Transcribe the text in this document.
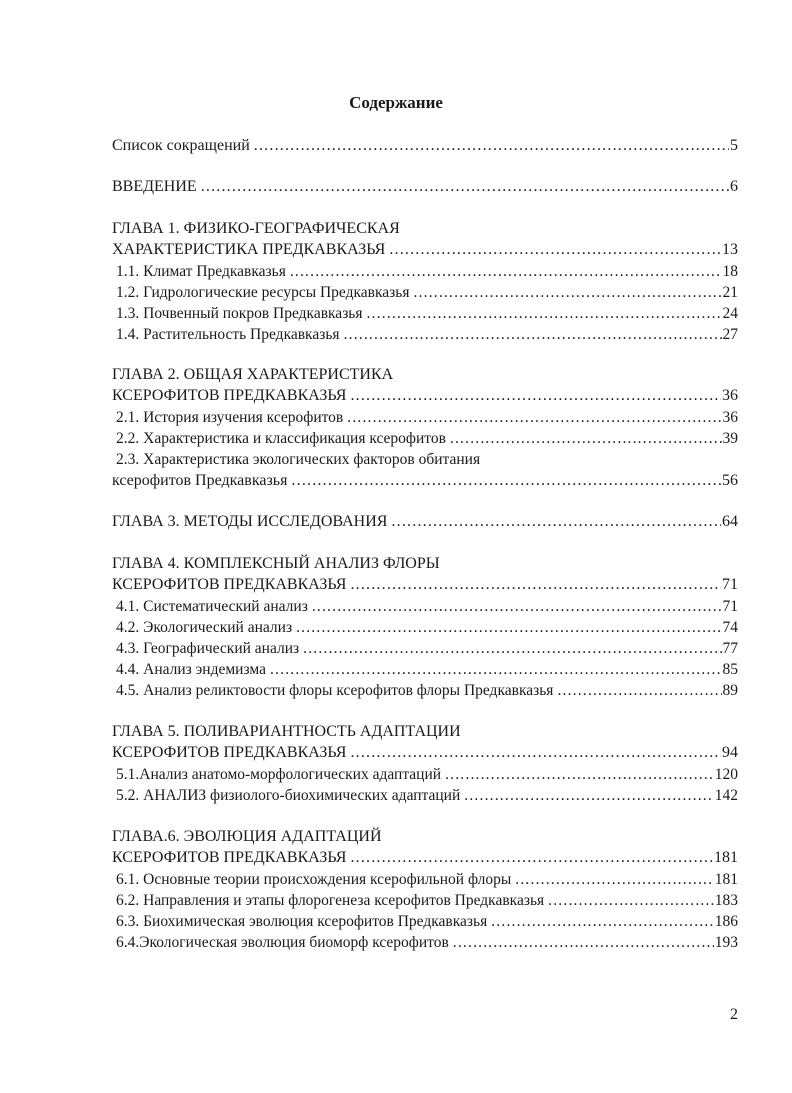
Содержание
Список сокращений .....	5
ВВЕДЕНИЕ .....	6
ГЛАВА 1. ФИЗИКО-ГЕОГРАФИЧЕСКАЯ
ХАРАКТЕРИСТИКА ПРЕДКАВКАЗЬЯ .....	13
1.1. Климат Предкавказья .....	18
1.2. Гидрологические ресурсы Предкавказья .....	21
1.3. Почвенный покров Предкавказья .....	24
1.4. Растительность Предкавказья .....	27
ГЛАВА 2. ОБЩАЯ ХАРАКТЕРИСТИКА
КСЕРОФИТОВ ПРЕДКАВКАЗЬЯ .....	36
2.1. История изучения ксерофитов .....	36
2.2. Характеристика и классификация ксерофитов .....	39
2.3. Характеристика экологических факторов обитания
ксерофитов Предкавказья .....	56
ГЛАВА 3. МЕТОДЫ ИССЛЕДОВАНИЯ .....	64
ГЛАВА 4. КОМПЛЕКСНЫЙ АНАЛИЗ ФЛОРЫ
КСЕРОФИТОВ ПРЕДКАВКАЗЬЯ .....	71
4.1. Систематический анализ .....	71
4.2. Экологический анализ .....	74
4.3. Географический анализ .....	77
4.4. Анализ эндемизма .....	85
4.5. Анализ реликтовости флоры ксерофитов флоры Предкавказья .....	89
ГЛАВА 5. ПОЛИВАРИАНТНОСТЬ АДАПТАЦИИ
КСЕРОФИТОВ ПРЕДКАВКАЗЬЯ .....	94
5.1.Анализ анатомо-морфологических адаптаций .....	120
5.2. АНАЛИЗ физиолого-биохимических адаптаций .....	142
ГЛАВА.6. ЭВОЛЮЦИЯ АДАПТАЦИЙ
КСЕРОФИТОВ ПРЕДКАВКАЗЬЯ .....	181
6.1. Основные теории происхождения ксерофильной флоры .....	181
6.2. Направления и этапы флорогенеза ксерофитов Предкавказья .....	183
6.3. Биохимическая эволюция ксерофитов Предкавказья .....	186
6.4.Экологическая эволюция биоморф ксерофитов .....	193
2
